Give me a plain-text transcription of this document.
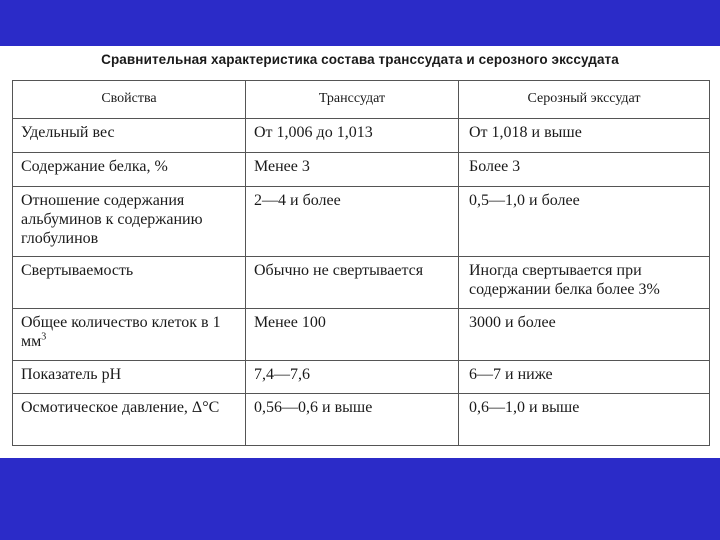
Сравнительная характеристика состава транссудата и серозного экссудата
Свойства	Транссудат	Серозный экссудат
Удельный вес	От 1,006 до 1,013	От 1,018 и выше
Содержание белка, %	Менее 3	Более 3
Отношение содержания альбуминов к содержанию глобулинов	2—4 и более	0,5—1,0 и более
Свертываемость	Обычно не свертывается	Иногда свертывается при содержании белка более 3%
Общее количество клеток в 1 $мм^3$	Менее 100	3000 и более
Показатель рН	7,4—7,6	6—7 и ниже
Осмотическое давление, Δ°С	0,56—0,6 и выше	0,6—1,0 и выше
